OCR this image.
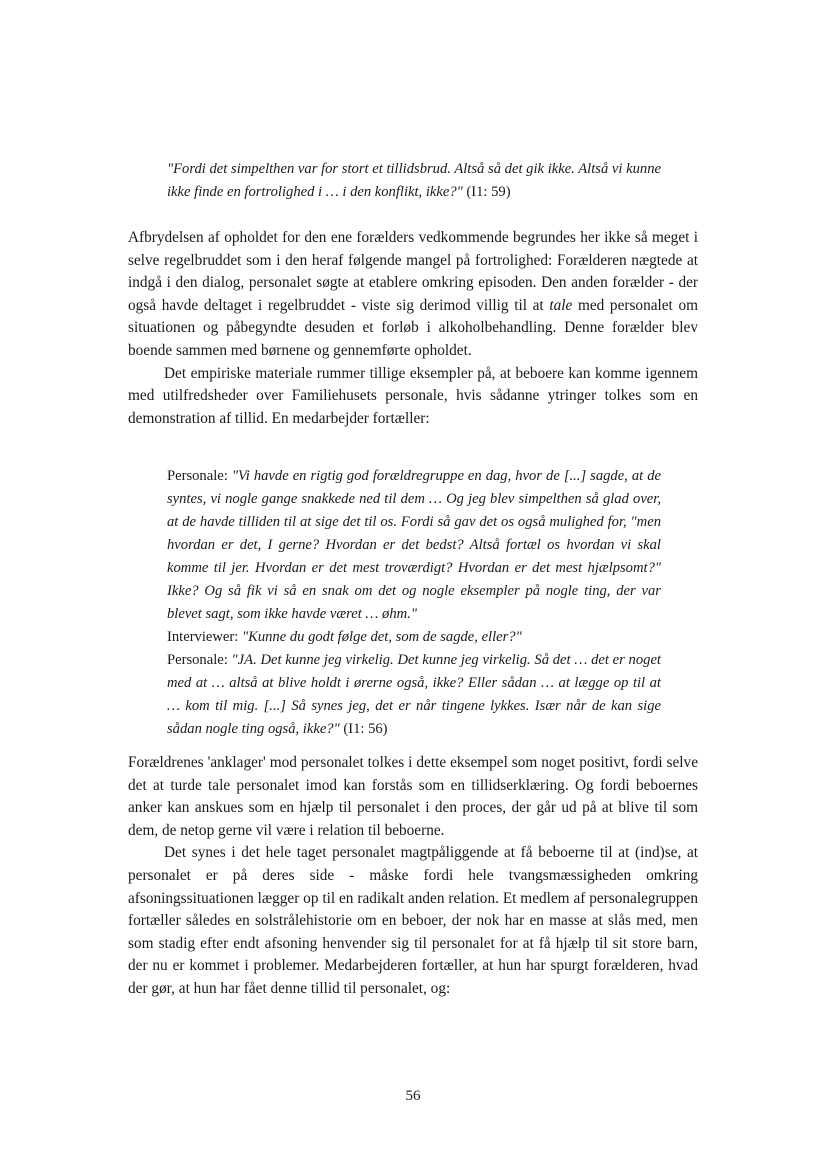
"Fordi det simpelthen var for stort et tillidsbrud. Altså så det gik ikke. Altså vi kunne ikke finde en fortrolighed i … i den konflikt, ikke?" (I1: 59)

Afbrydelsen af opholdet for den ene forælders vedkommende begrundes her ikke så meget i selve regelbruddet som i den heraf følgende mangel på fortrolighed: Forælderen nægtede at indgå i den dialog, personalet søgte at etablere omkring episoden. Den anden forælder - der også havde deltaget i regelbruddet - viste sig derimod villig til at tale med personalet om situationen og påbegyndte desuden et forløb i alkoholbehandling. Denne forælder blev boende sammen med børnene og gennemførte opholdet.

Det empiriske materiale rummer tillige eksempler på, at beboere kan komme igennem med utilfredsheder over Familiehusets personale, hvis sådanne ytringer tolkes som en demonstration af tillid. En medarbejder fortæller:

Personale: "Vi havde en rigtig god forældregruppe en dag, hvor de [...] sagde, at de syntes, vi nogle gange snakkede ned til dem … Og jeg blev simpelthen så glad over, at de havde tilliden til at sige det til os. Fordi så gav det os også mulighed for, "men hvordan er det, I gerne? Hvordan er det bedst? Altså fortæl os hvordan vi skal komme til jer. Hvordan er det mest troværdigt? Hvordan er det mest hjælpsomt?" Ikke? Og så fik vi så en snak om det og nogle eksempler på nogle ting, der var blevet sagt, som ikke havde været … øhm."
Interviewer: "Kunne du godt følge det, som de sagde, eller?"
Personale: "JA. Det kunne jeg virkelig. Det kunne jeg virkelig. Så det … det er noget med at … altså at blive holdt i ørerne også, ikke? Eller sådan … at lægge op til at … kom til mig. [...] Så synes jeg, det er når tingene lykkes. Især når de kan sige sådan nogle ting også, ikke?" (I1: 56)

Forældrenes 'anklager' mod personalet tolkes i dette eksempel som noget positivt, fordi selve det at turde tale personalet imod kan forstås som en tillidserklæring. Og fordi beboernes anker kan anskues som en hjælp til personalet i den proces, der går ud på at blive til som dem, de netop gerne vil være i relation til beboerne.

Det synes i det hele taget personalet magtpåliggende at få beboerne til at (ind)se, at personalet er på deres side - måske fordi hele tvangsmæssigheden omkring afsoningssituationen lægger op til en radikalt anden relation. Et medlem af personalegruppen fortæller således en solstrålehistorie om en beboer, der nok har en masse at slås med, men som stadig efter endt afsoning henvender sig til personalet for at få hjælp til sit store barn, der nu er kommet i problemer. Medarbejderen fortæller, at hun har spurgt forælderen, hvad der gør, at hun har fået denne tillid til personalet, og:

56
